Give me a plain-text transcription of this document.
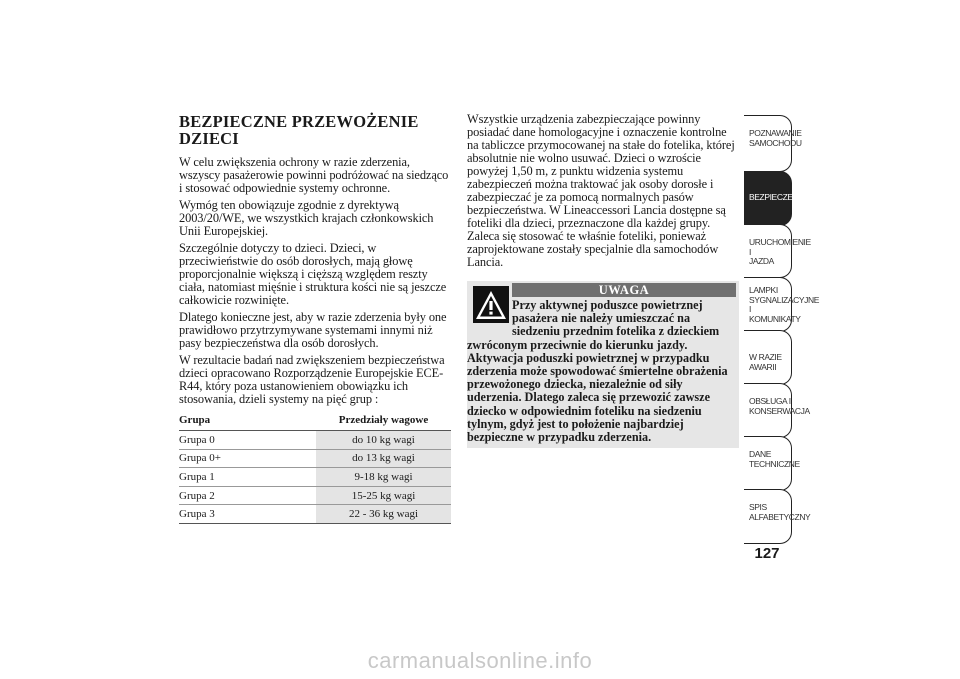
BEZPIECZNE PRZEWOŻENIE
DZIECI

W celu zwiększenia ochrony w razie zderzenia, wszyscy pasażerowie powinni podróżować na siedząco i stosować odpowiednie systemy ochronne.

Wymóg ten obowiązuje zgodnie z dyrektywą 2003/20/WE, we wszystkich krajach członkowskich Unii Europejskiej.

Szczególnie dotyczy to dzieci. Dzieci, w przeciwieństwie do osób dorosłych, mają głowę proporcjonalnie większą i cięższą względem reszty ciała, natomiast mięśnie i struktura kości nie są jeszcze całkowicie rozwinięte.

Dlatego konieczne jest, aby w razie zderzenia były one prawidłowo przytrzymywane systemami innymi niż pasy bezpieczeństwa dla osób dorosłych.

W rezultacie badań nad zwiększeniem bezpieczeństwa dzieci opracowano Rozporządzenie Europejskie ECE-R44, który poza ustanowieniem obowiązku ich stosowania, dzieli systemy na pięć grup :

Grupa		Przedziały wagowe
Grupa 0		do 10 kg wagi
Grupa 0+		do 13 kg wagi
Grupa 1		9-18 kg wagi
Grupa 2		15-25 kg wagi
Grupa 3		22 - 36 kg wagi

Wszystkie urządzenia zabezpieczające powinny posiadać dane homologacyjne i oznaczenie kontrolne na tabliczce przymocowanej na stałe do fotelika, której absolutnie nie wolno usuwać. Dzieci o wzroście powyżej 1,50 m, z punktu widzenia systemu zabezpieczeń można traktować jak osoby dorosłe i zabezpieczać je za pomocą normalnych pasów bezpieczeństwa. W Lineaccessori Lancia dostępne są foteliki dla dzieci, przeznaczone dla każdej grupy. Zaleca się stosować te właśnie foteliki, ponieważ zaprojektowane zostały specjalnie dla samochodów Lancia.

UWAGA
Przy aktywnej poduszce powietrznej pasażera nie należy umieszczać na siedzeniu przednim fotelika z dzieckiem zwróconym przeciwnie do kierunku jazdy. Aktywacja poduszki powietrznej w przypadku zderzenia może spowodować śmiertelne obrażenia przewożonego dziecka, niezależnie od siły uderzenia. Dlatego zaleca się przewozić zawsze dziecko w odpowiednim foteliku na siedzeniu tylnym, gdyż jest to położenie najbardziej bezpieczne w przypadku zderzenia.
POZNAWANIE
SAMOCHODU
BEZPIECZEŃSTWO
URUCHOMIENIE I
JAZDA
LAMPKI
SYGNALIZACYJNE
I KOMUNIKATY
W RAZIE AWARII
OBSŁUGA I
KONSERWACJA
DANE
TECHNICZNE
SPIS
ALFABETYCZNY
127
carmanualsonline.info
